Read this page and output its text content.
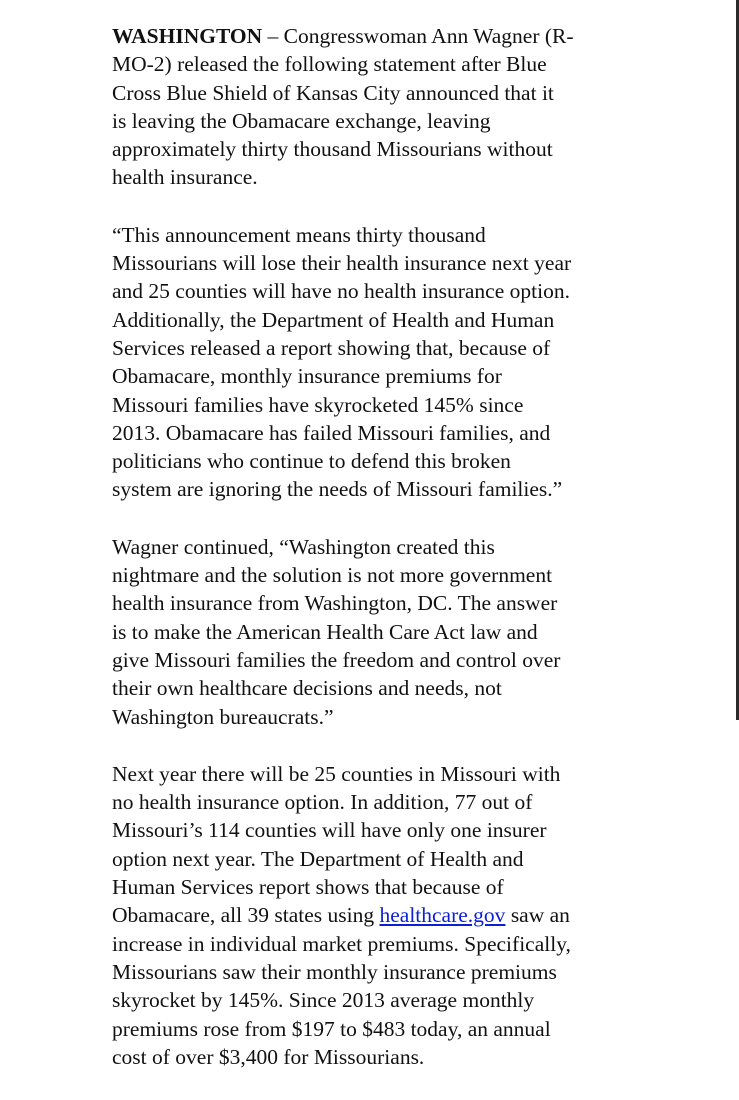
WASHINGTON – Congresswoman Ann Wagner (R-
MO-2) released the following statement after Blue
Cross Blue Shield of Kansas City announced that it
is leaving the Obamacare exchange, leaving
approximately thirty thousand Missourians without
health insurance.

“This announcement means thirty thousand
Missourians will lose their health insurance next year
and 25 counties will have no health insurance option.
Additionally, the Department of Health and Human
Services released a report showing that, because of
Obamacare, monthly insurance premiums for
Missouri families have skyrocketed 145% since
2013. Obamacare has failed Missouri families, and
politicians who continue to defend this broken
system are ignoring the needs of Missouri families.”

Wagner continued, “Washington created this
nightmare and the solution is not more government
health insurance from Washington, DC. The answer
is to make the American Health Care Act law and
give Missouri families the freedom and control over
their own healthcare decisions and needs, not
Washington bureaucrats.”

Next year there will be 25 counties in Missouri with
no health insurance option. In addition, 77 out of
Missouri’s 114 counties will have only one insurer
option next year. The Department of Health and
Human Services report shows that because of
Obamacare, all 39 states using healthcare.gov saw an
increase in individual market premiums. Specifically,
Missourians saw their monthly insurance premiums
skyrocket by 145%. Since 2013 average monthly
premiums rose from $197 to $483 today, an annual
cost of over $3,400 for Missourians.
